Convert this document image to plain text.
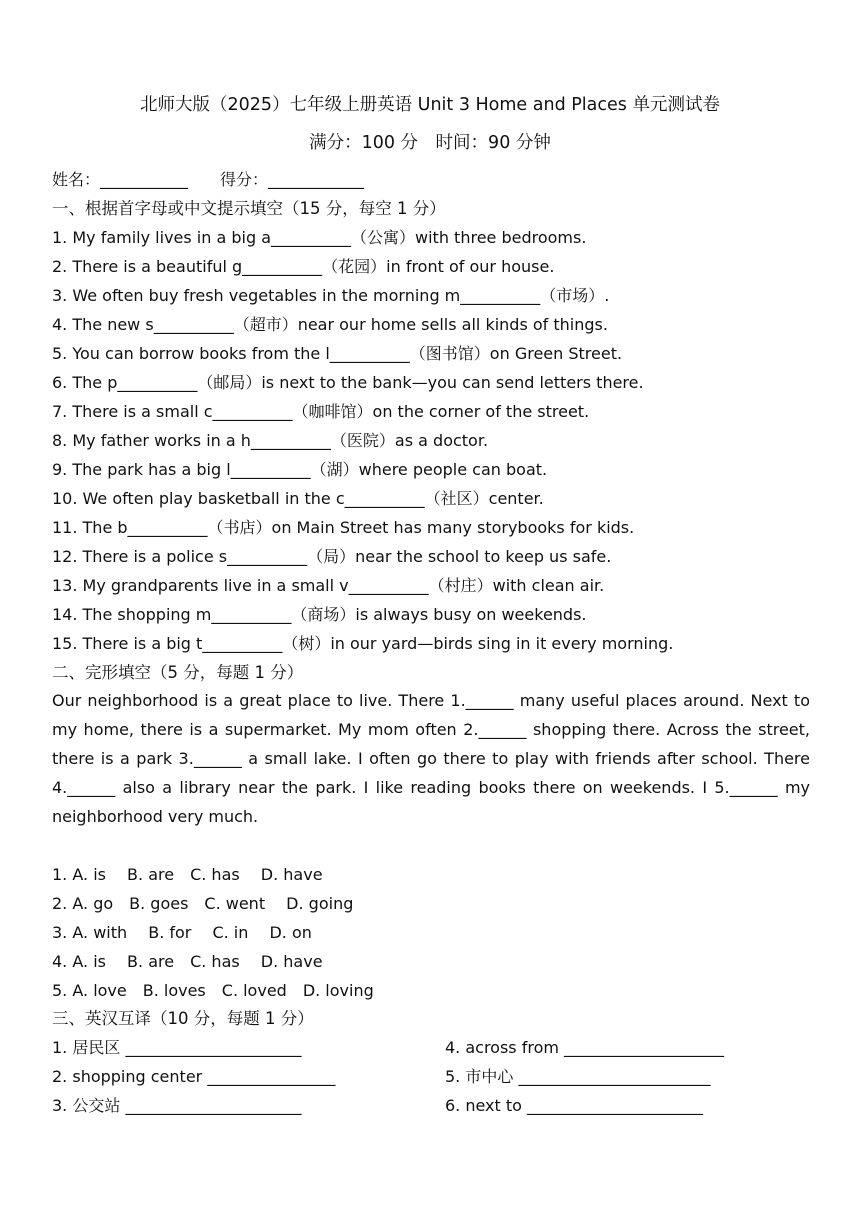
北师大版（2025）七年级上册英语 Unit 3 Home and Places 单元测试卷
满分：100 分　时间：90 分钟
姓名：___________　　得分：____________
一、根据首字母或中文提示填空（15 分，每空 1 分）
1. My family lives in a big a__________（公寓）with three bedrooms.
2. There is a beautiful g__________（花园）in front of our house.
3. We often buy fresh vegetables in the morning m__________（市场）.
4. The new s__________（超市）near our home sells all kinds of things.
5. You can borrow books from the l__________（图书馆）on Green Street.
6. The p__________（邮局）is next to the bank—you can send letters there.
7. There is a small c__________（咖啡馆）on the corner of the street.
8. My father works in a h__________（医院）as a doctor.
9. The park has a big l__________（湖）where people can boat.
10. We often play basketball in the c__________（社区）center.
11. The b__________（书店）on Main Street has many storybooks for kids.
12. There is a police s__________（局）near the school to keep us safe.
13. My grandparents live in a small v__________（村庄）with clean air.
14. The shopping m__________（商场）is always busy on weekends.
15. There is a big t__________（树）in our yard—birds sing in it every morning.
二、完形填空（5 分，每题 1 分）
Our neighborhood is a great place to live. There 1.______ many useful places around. Next to my home, there is a supermarket. My mom often 2.______ shopping there. Across the street, there is a park 3.______ a small lake. I often go there to play with friends after school. There 4.______ also a library near the park. I like reading books there on weekends. I 5.______ my neighborhood very much.
1. A. is　 B. are　C. has　 D. have
2. A. go　B. goes　C. went　 D. going
3. A. with　 B. for　 C. in　 D. on
4. A. is　 B. are　C. has　 D. have
5. A. love　B. loves　C. loved　D. loving
三、英汉互译（10 分，每题 1 分）
1. 居民区 ______________________
2. shopping center ________________
3. 公交站 ______________________
4. across from ____________________
5. 市中心 ________________________
6. next to ______________________
